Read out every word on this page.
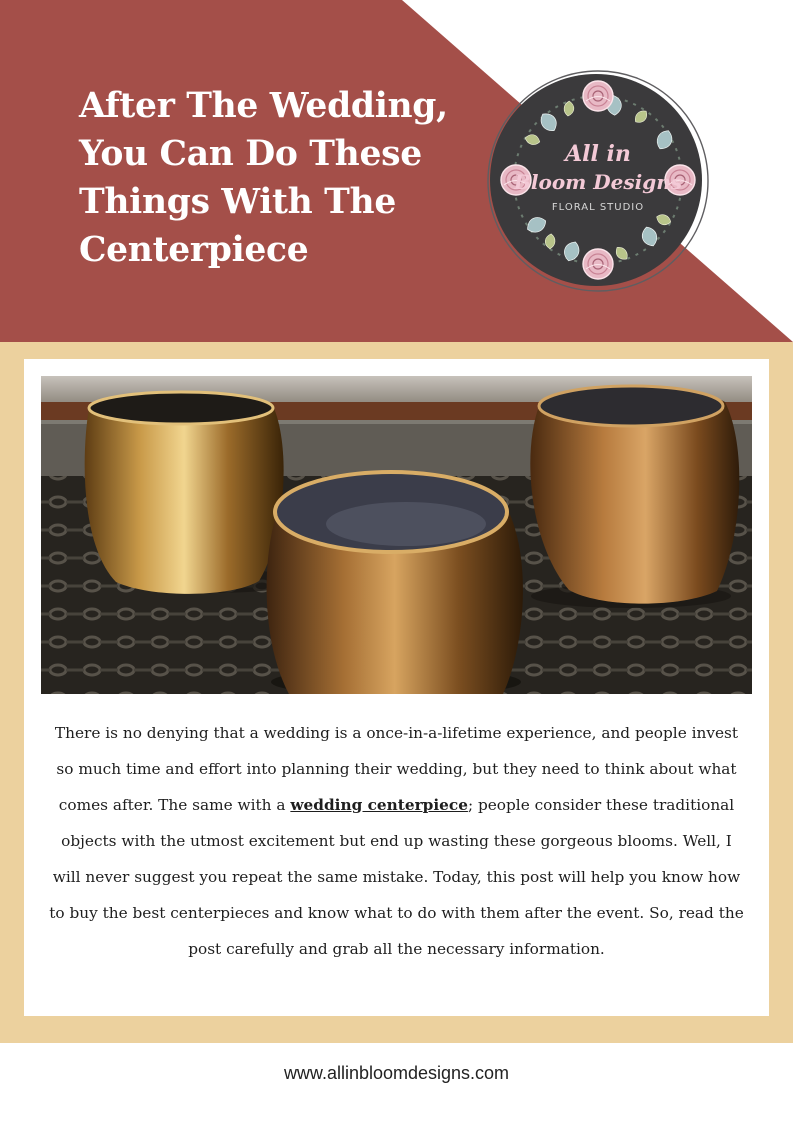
After The Wedding, You Can Do These Things With The Centerpiece
All in
Bloom Designs
FLORAL STUDIO

There is no denying that a wedding is a once-in-a-lifetime experience, and people invest so much time and effort into planning their wedding, but they need to think about what comes after. The same with a wedding centerpiece; people consider these traditional objects with the utmost excitement but end up wasting these gorgeous blooms. Well, I will never suggest you repeat the same mistake. Today, this post will help you know how to buy the best centerpieces and know what to do with them after the event. So, read the post carefully and grab all the necessary information.

www.allinbloomdesigns.com
